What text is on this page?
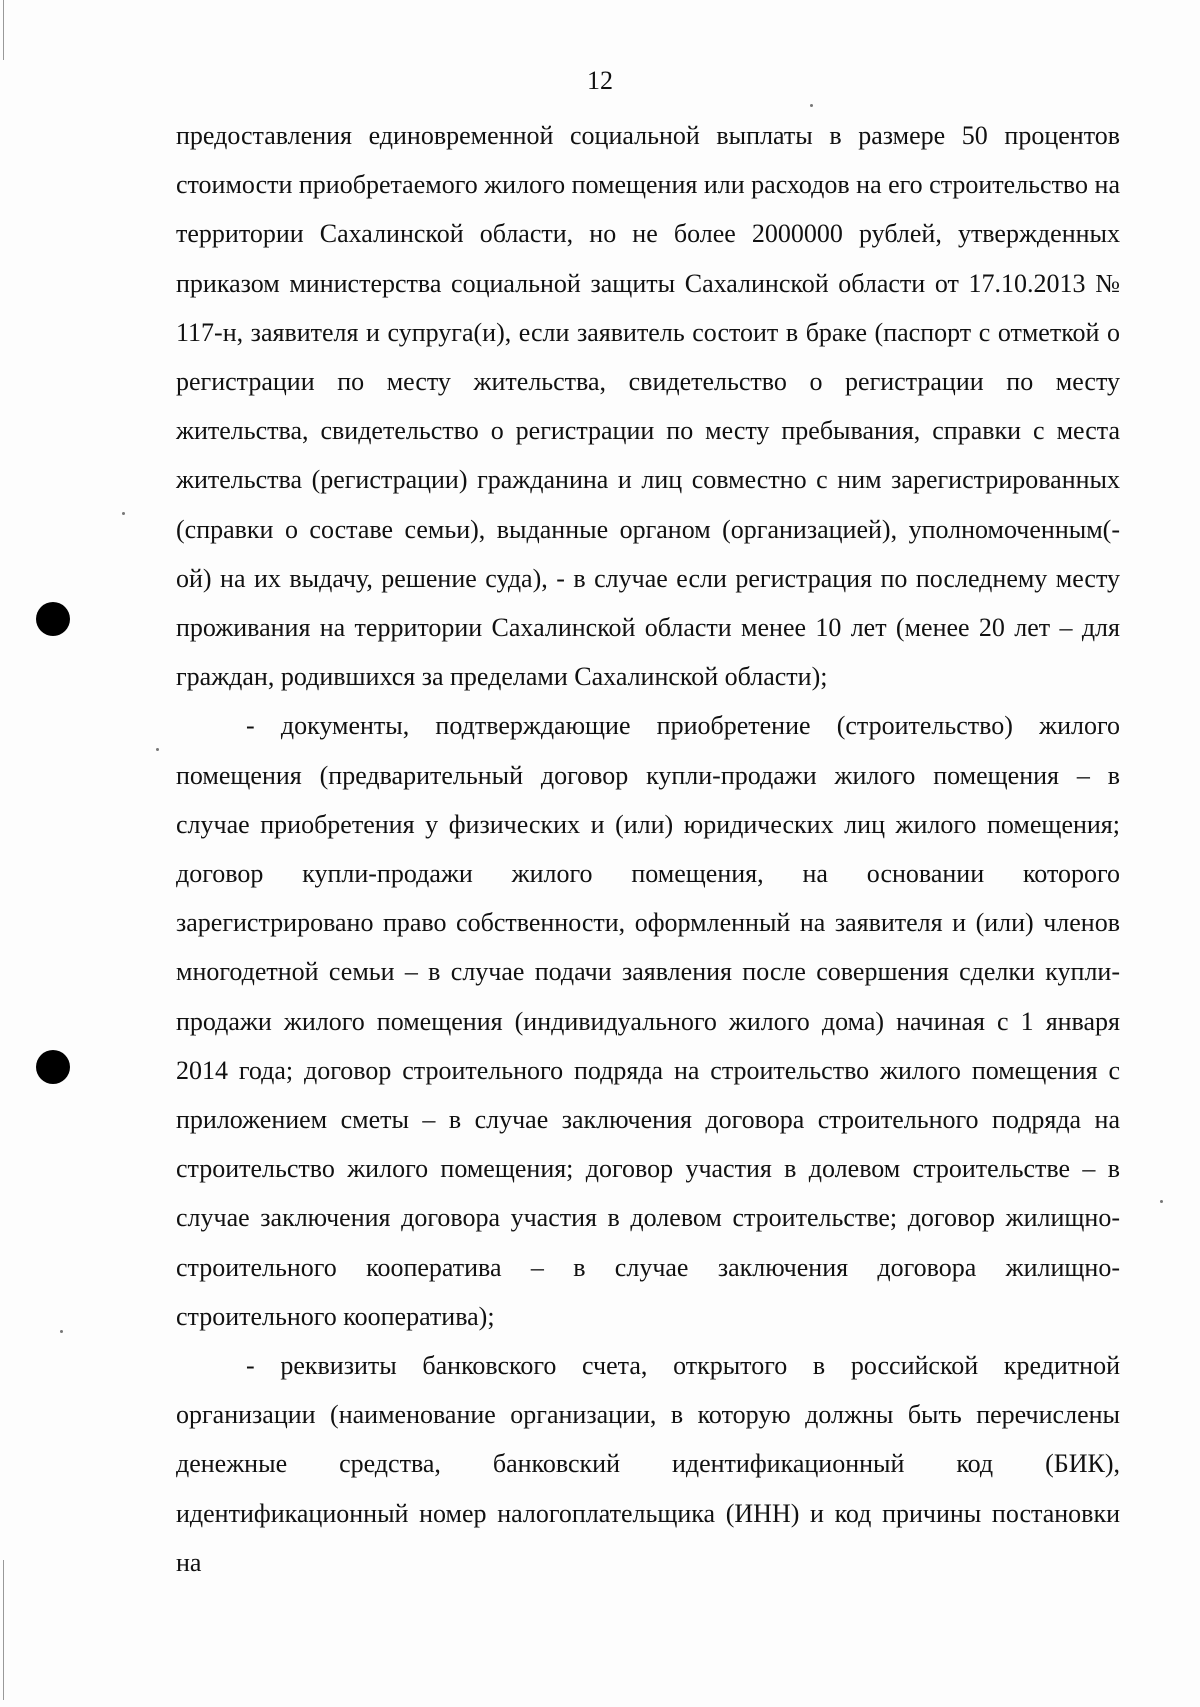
12

предоставления единовременной социальной выплаты в размере 50 процентов стоимости приобретаемого жилого помещения или расходов на его строительство на территории Сахалинской области, но не более 2000000 рублей, утвержденных приказом министерства социальной защиты Сахалинской области от 17.10.2013 № 117-н, заявителя и супруга(и), если заявитель состоит в браке (паспорт с отметкой о регистрации по месту жительства, свидетельство о регистрации по месту жительства, свидетельство о регистрации по месту пребывания, справки с места жительства (регистрации) гражданина и лиц совместно с ним зарегистрированных (справки о составе семьи), выданные органом (организацией), уполномоченным(-ой) на их выдачу, решение суда), - в случае если регистрация по последнему месту проживания на территории Сахалинской области менее 10 лет (менее 20 лет – для граждан, родившихся за пределами Сахалинской области);

- документы, подтверждающие приобретение (строительство) жилого помещения (предварительный договор купли-продажи жилого помещения – в случае приобретения у физических и (или) юридических лиц жилого помещения; договор купли-продажи жилого помещения, на основании которого зарегистрировано право собственности, оформленный на заявителя и (или) членов многодетной семьи – в случае подачи заявления после совершения сделки купли-продажи жилого помещения (индивидуального жилого дома) начиная с 1 января 2014 года; договор строительного подряда на строительство жилого помещения с приложением сметы – в случае заключения договора строительного подряда на строительство жилого помещения; договор участия в долевом строительстве – в случае заключения договора участия в долевом строительстве; договор жилищно-строительного кооператива – в случае заключения договора жилищно-строительного кооператива);

- реквизиты банковского счета, открытого в российской кредитной организации (наименование организации, в которую должны быть перечислены денежные средства, банковский идентификационный код (БИК), идентификационный номер налогоплательщика (ИНН) и код причины постановки на
